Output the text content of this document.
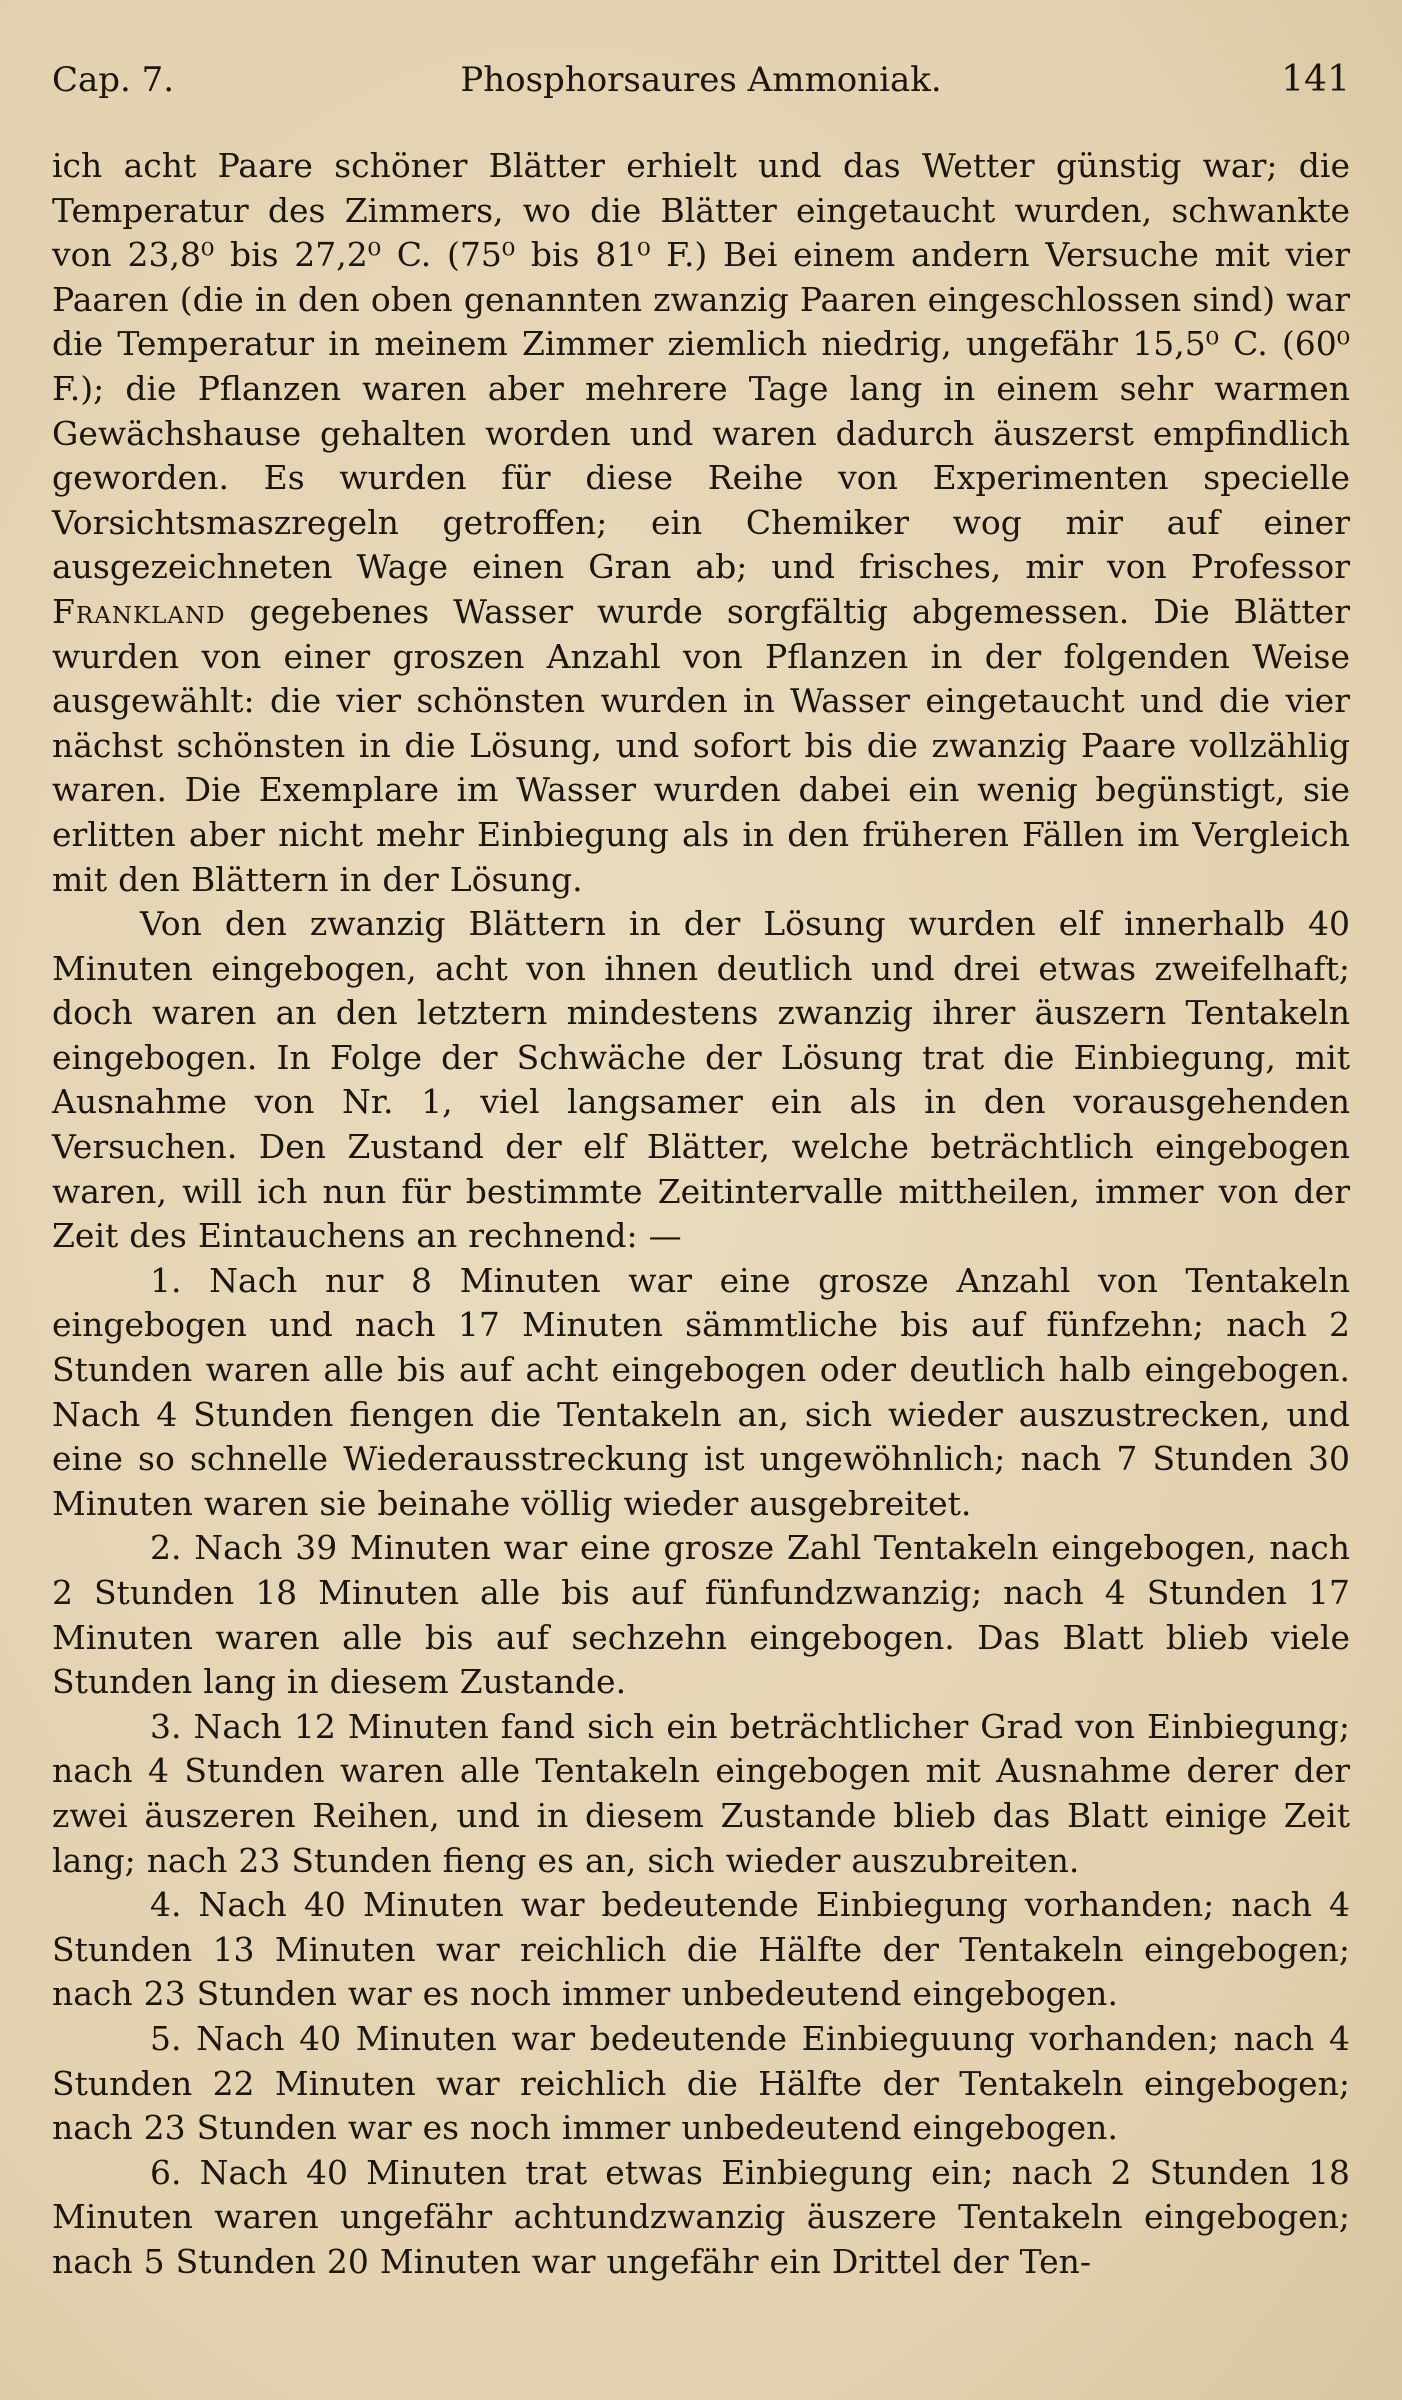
Cap. 7.	Phosphorsaures Ammoniak.	141

ich acht Paare schöner Blätter erhielt und das Wetter günstig war; die Temperatur des Zimmers, wo die Blätter eingetaucht wurden, schwankte von 23,8⁰ bis 27,2⁰ C. (75⁰ bis 81⁰ F.) Bei einem andern Versuche mit vier Paaren (die in den oben genannten zwanzig Paaren eingeschlossen sind) war die Temperatur in meinem Zimmer ziemlich niedrig, ungefähr 15,5⁰ C. (60⁰ F.); die Pflanzen waren aber mehrere Tage lang in einem sehr warmen Gewächshause gehalten worden und waren dadurch äuszerst empfindlich geworden. Es wurden für diese Reihe von Experimenten specielle Vorsichtsmaszregeln getroffen; ein Chemiker wog mir auf einer ausgezeichneten Wage einen Gran ab; und frisches, mir von Professor Frankland gegebenes Wasser wurde sorgfältig abgemessen. Die Blätter wurden von einer groszen Anzahl von Pflanzen in der folgenden Weise ausgewählt: die vier schönsten wurden in Wasser eingetaucht und die vier nächst schönsten in die Lösung, und sofort bis die zwanzig Paare vollzählig waren. Die Exemplare im Wasser wurden dabei ein wenig begünstigt, sie erlitten aber nicht mehr Einbiegung als in den früheren Fällen im Vergleich mit den Blättern in der Lösung.

Von den zwanzig Blättern in der Lösung wurden elf innerhalb 40 Minuten eingebogen, acht von ihnen deutlich und drei etwas zweifelhaft; doch waren an den letztern mindestens zwanzig ihrer äuszern Tentakeln eingebogen. In Folge der Schwäche der Lösung trat die Einbiegung, mit Ausnahme von Nr. 1, viel langsamer ein als in den vorausgehenden Versuchen. Den Zustand der elf Blätter, welche beträchtlich eingebogen waren, will ich nun für bestimmte Zeitintervalle mittheilen, immer von der Zeit des Eintauchens an rechnend: —

1. Nach nur 8 Minuten war eine grosze Anzahl von Tentakeln eingebogen und nach 17 Minuten sämmtliche bis auf fünfzehn; nach 2 Stunden waren alle bis auf acht eingebogen oder deutlich halb eingebogen. Nach 4 Stunden fiengen die Tentakeln an, sich wieder auszustrecken, und eine so schnelle Wiederausstreckung ist ungewöhnlich; nach 7 Stunden 30 Minuten waren sie beinahe völlig wieder ausgebreitet.

2. Nach 39 Minuten war eine grosze Zahl Tentakeln eingebogen, nach 2 Stunden 18 Minuten alle bis auf fünfundzwanzig; nach 4 Stunden 17 Minuten waren alle bis auf sechzehn eingebogen. Das Blatt blieb viele Stunden lang in diesem Zustande.

3. Nach 12 Minuten fand sich ein beträchtlicher Grad von Einbiegung; nach 4 Stunden waren alle Tentakeln eingebogen mit Ausnahme derer der zwei äuszeren Reihen, und in diesem Zustande blieb das Blatt einige Zeit lang; nach 23 Stunden fieng es an, sich wieder auszubreiten.

4. Nach 40 Minuten war bedeutende Einbiegung vorhanden; nach 4 Stunden 13 Minuten war reichlich die Hälfte der Tentakeln eingebogen; nach 23 Stunden war es noch immer unbedeutend eingebogen.

5. Nach 40 Minuten war bedeutende Einbieguung vorhanden; nach 4 Stunden 22 Minuten war reichlich die Hälfte der Tentakeln eingebogen; nach 23 Stunden war es noch immer unbedeutend eingebogen.

6. Nach 40 Minuten trat etwas Einbiegung ein; nach 2 Stunden 18 Minuten waren ungefähr achtundzwanzig äuszere Tentakeln eingebogen; nach 5 Stunden 20 Minuten war ungefähr ein Drittel der Ten-
